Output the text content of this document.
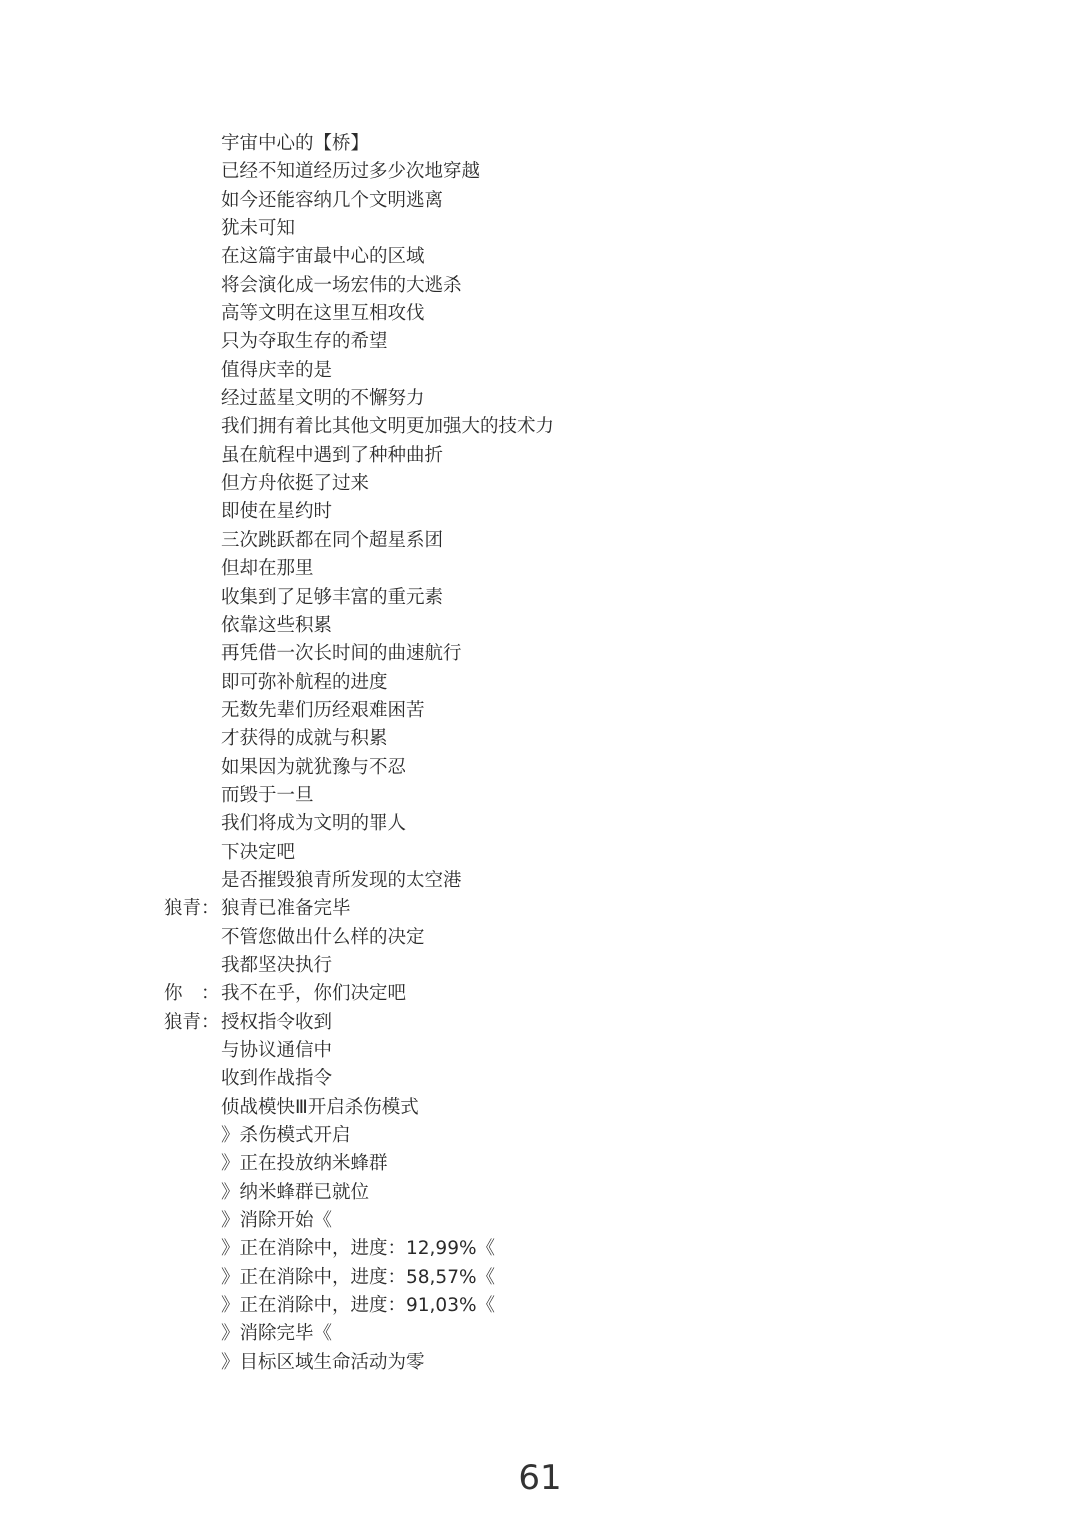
宇宙中心的【桥】
已经不知道经历过多少次地穿越
如今还能容纳几个文明逃离
犹未可知
在这篇宇宙最中心的区域
将会演化成一场宏伟的大逃杀
高等文明在这里互相攻伐
只为夺取生存的希望
值得庆幸的是
经过蓝星文明的不懈努力
我们拥有着比其他文明更加强大的技术力
虽在航程中遇到了种种曲折
但方舟依挺了过来
即使在星约时
三次跳跃都在同个超星系团
但却在那里
收集到了足够丰富的重元素
依靠这些积累
再凭借一次长时间的曲速航行
即可弥补航程的进度
无数先辈们历经艰难困苦
才获得的成就与积累
如果因为就犹豫与不忍
而毁于一旦
我们将成为文明的罪人
下决定吧
是否摧毁狼青所发现的太空港
狼青： 狼青已准备完毕
不管您做出什么样的决定
我都坚决执行
你　： 我不在乎，你们决定吧
狼青： 授权指令收到
与协议通信中
收到作战指令
侦战模快Ⅲ开启杀伤模式
》杀伤模式开启
》正在投放纳米蜂群
》纳米蜂群已就位
》消除开始《
》正在消除中，进度：12,99%《
》正在消除中，进度：58,57%《
》正在消除中，进度：91,03%《
》消除完毕《
》目标区域生命活动为零
61
